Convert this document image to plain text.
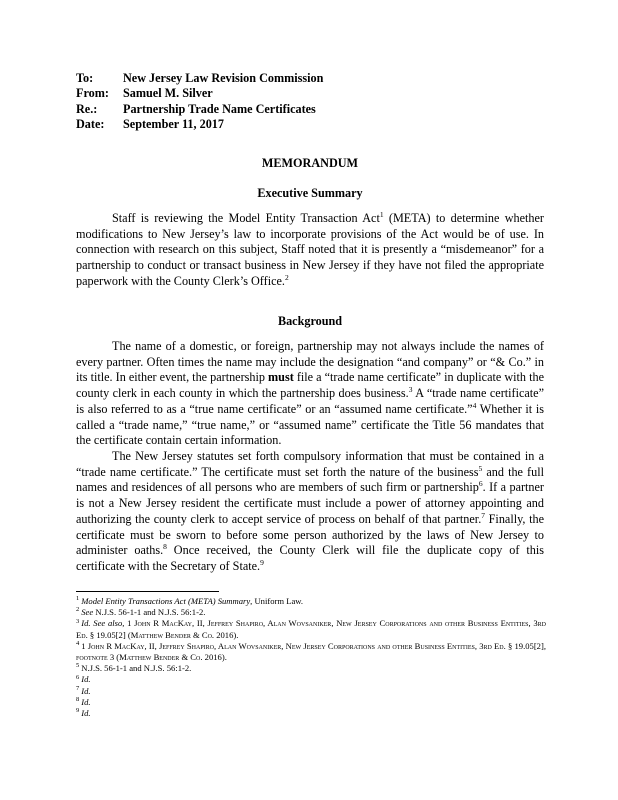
To:	New Jersey Law Revision Commission
From:	Samuel M. Silver
Re.:	Partnership Trade Name Certificates
Date:	September 11, 2017
MEMORANDUM
Executive Summary

Staff is reviewing the Model Entity Transaction Act$^1$ (META) to determine whether modifications to New Jersey’s law to incorporate provisions of the Act would be of use. In connection with research on this subject, Staff noted that it is presently a “misdemeanor” for a partnership to conduct or transact business in New Jersey if they have not filed the appropriate paperwork with the County Clerk’s Office.$^2$

Background

The name of a domestic, or foreign, partnership may not always include the names of every partner. Often times the name may include the designation “and company” or “& Co.” in its title. In either event, the partnership must file a “trade name certificate” in duplicate with the county clerk in each county in which the partnership does business.$^3$ A “trade name certificate” is also referred to as a “true name certificate” or an “assumed name certificate.”$^4$ Whether it is called a “trade name,” “true name,” or “assumed name” certificate the Title 56 mandates that the certificate contain certain information.

The New Jersey statutes set forth compulsory information that must be contained in a “trade name certificate.” The certificate must set forth the nature of the business$^5$ and the full names and residences of all persons who are members of such firm or partnership$^6$. If a partner is not a New Jersey resident the certificate must include a power of attorney appointing and authorizing the county clerk to accept service of process on behalf of that partner.$^7$ Finally, the certificate must be sworn to before some person authorized by the laws of New Jersey to administer oaths.$^8$ Once received, the County Clerk will file the duplicate copy of this certificate with the Secretary of State.$^9$

$^1$ Model Entity Transactions Act (META) Summary, Uniform Law.

$^2$ See N.J.S. 56-1-1 and N.J.S. 56:1-2.

$^3$ Id. See also, 1 John R MacKay, II, Jeffrey Shapiro, Alan Wovsaniker, New Jersey Corporations and other Business Entities, 3rd Ed. § 19.05[2] (Matthew Bender & Co. 2016).

$^4$ 1 John R MacKay, II, Jeffrey Shapiro, Alan Wovsaniker, New Jersey Corporations and other Business Entities, 3rd Ed. § 19.05[2], footnote 3 (Matthew Bender & Co. 2016).

$^5$ N.J.S. 56-1-1 and N.J.S. 56:1-2.

$^6$ Id.

$^7$ Id.

$^8$ Id.

$^9$ Id.
